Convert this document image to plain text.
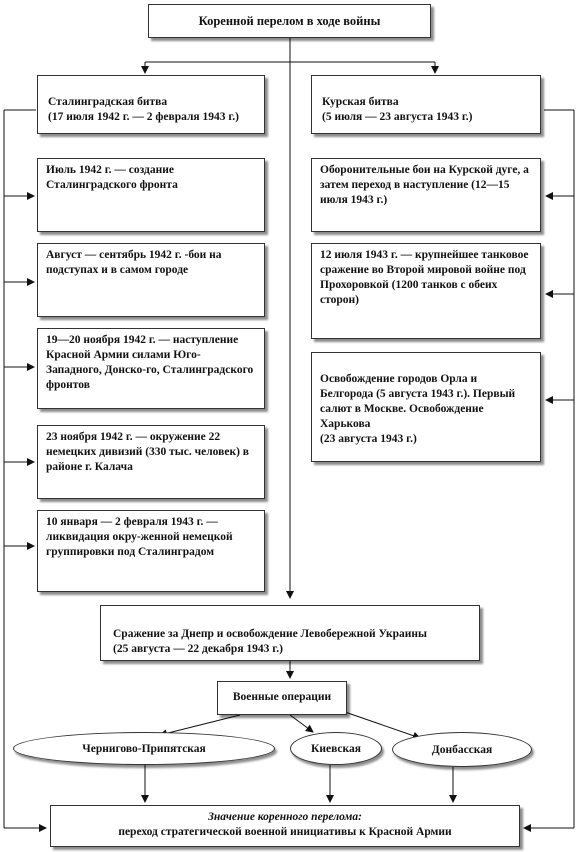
Коренной перелом в ходе войны

Сталинградская битва
(17 июля 1942 г. — 2 февраля 1943 г.)

Июль 1942 г. — создание Сталинградского фронта
Август — сентябрь 1942 г. -бои на подступах и в самом городе
19—20 ноября 1942 г. — наступление Красной Армии силами Юго-Западного, Донско-го, Сталинградского фронтов
23 ноября 1942 г. — окружение 22 немецких дивизий (330 тыс. человек) в районе г. Калача
10 января — 2 февраля 1943 г. — ликвидация окру-женной немецкой группировки под Сталинградом

Курская битва
(5 июля — 23 августа 1943 г.)

Оборонительные бои на Курской дуге, а затем переход в наступление (12—15 июля 1943 г.)
12 июля 1943 г. — крупнейшее танковое сражение во Второй мировой войне под Прохоровкой (1200 танков с обеих сторон)

Освобождение городов Орла и Белгорода (5 августа 1943 г.). Первый салют в Москве. Освобождение Харькова
(23 августа 1943 г.)

Сражение за Днепр и освобождение Левобережной Украины
(25 августа — 22 декабря 1943 г.)

Военные операции
Чернигово-Припятская	Киевская	Донбасская
Значение коренного перелома:
переход стратегической военной инициативы к Красной Армии
